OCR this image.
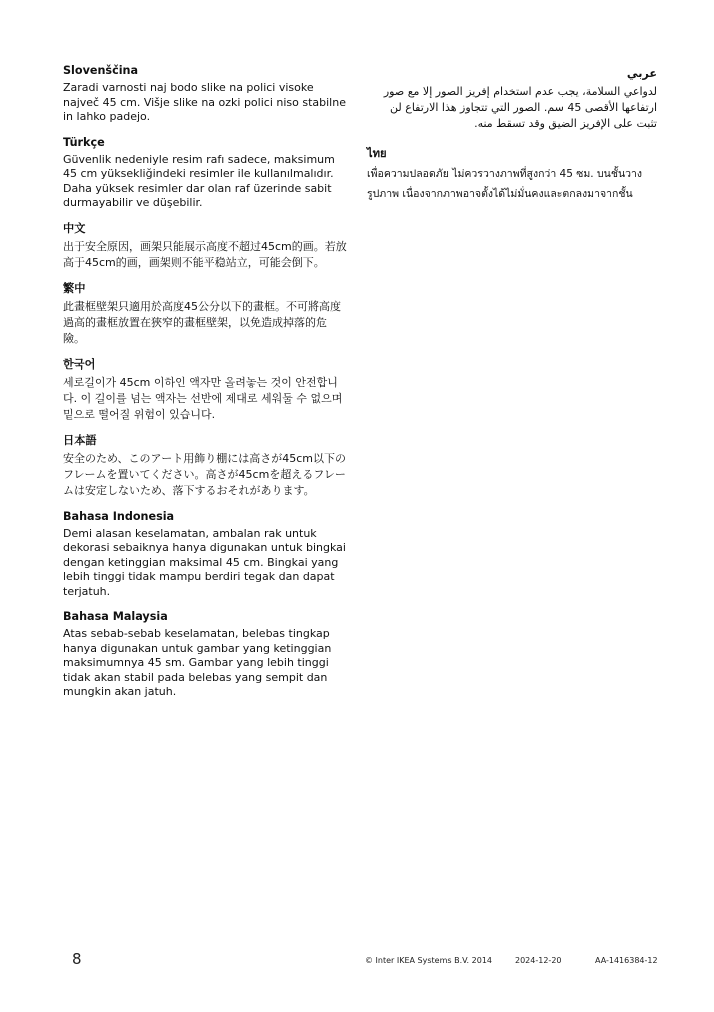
Slovenščina

Zaradi varnosti naj bodo slike na polici visoke največ 45 cm. Višje slike na ozki polici niso stabilne in lahko padejo.

Türkçe

Güvenlik nedeniyle resim rafı sadece, maksimum 45 cm yüksekliğindeki resimler ile kullanılmalıdır. Daha yüksek resimler dar olan raf üzerinde sabit durmayabilir ve düşebilir.

中文

出于安全原因，画架只能展示高度不超过45cm的画。若放高于45cm的画，画架则不能平稳站立，可能会倒下。

繁中

此畫框壁架只適用於高度45公分以下的畫框。不可將高度過高的畫框放置在狹窄的畫框壁架，以免造成掉落的危險。

한국어

세로길이가 45cm 이하인 액자만 올려놓는 것이 안전합니다. 이 길이를 넘는 액자는 선반에 제대로 세워둘 수 없으며 밑으로 떨어질 위험이 있습니다.

日本語

安全のため、このアート用飾り棚には高さが45cm以下のフレームを置いてください。高さが45cmを超えるフレームは安定しないため、落下するおそれがあります。

Bahasa Indonesia

Demi alasan keselamatan, ambalan rak untuk dekorasi sebaiknya hanya digunakan untuk bingkai dengan ketinggian maksimal 45 cm. Bingkai yang lebih tinggi tidak mampu berdiri tegak dan dapat terjatuh.

Bahasa Malaysia

Atas sebab-sebab keselamatan, belebas tingkap hanya digunakan untuk gambar yang ketinggian maksimumnya 45 sm. Gambar yang lebih tinggi tidak akan stabil pada belebas yang sempit dan mungkin akan jatuh.

عربي

لدواعي السلامة، يجب عدم استخدام إفريز الصور إلا مع صور ارتفاعها الأقصى 45 سم. الصور التي تتجاوز هذا الارتفاع لن تثبت على الإفريز الضيق وقد تسقط منه.

ไทย

เพื่อความปลอดภัย ไม่ควรวางภาพที่สูงกว่า 45 ซม. บนชั้นวางรูปภาพ เนื่องจากภาพอาจตั้งได้ไม่มั่นคงและตกลงมาจากชั้น

8	© Inter IKEA Systems B.V. 2014	2024-12-20	AA-1416384-12
